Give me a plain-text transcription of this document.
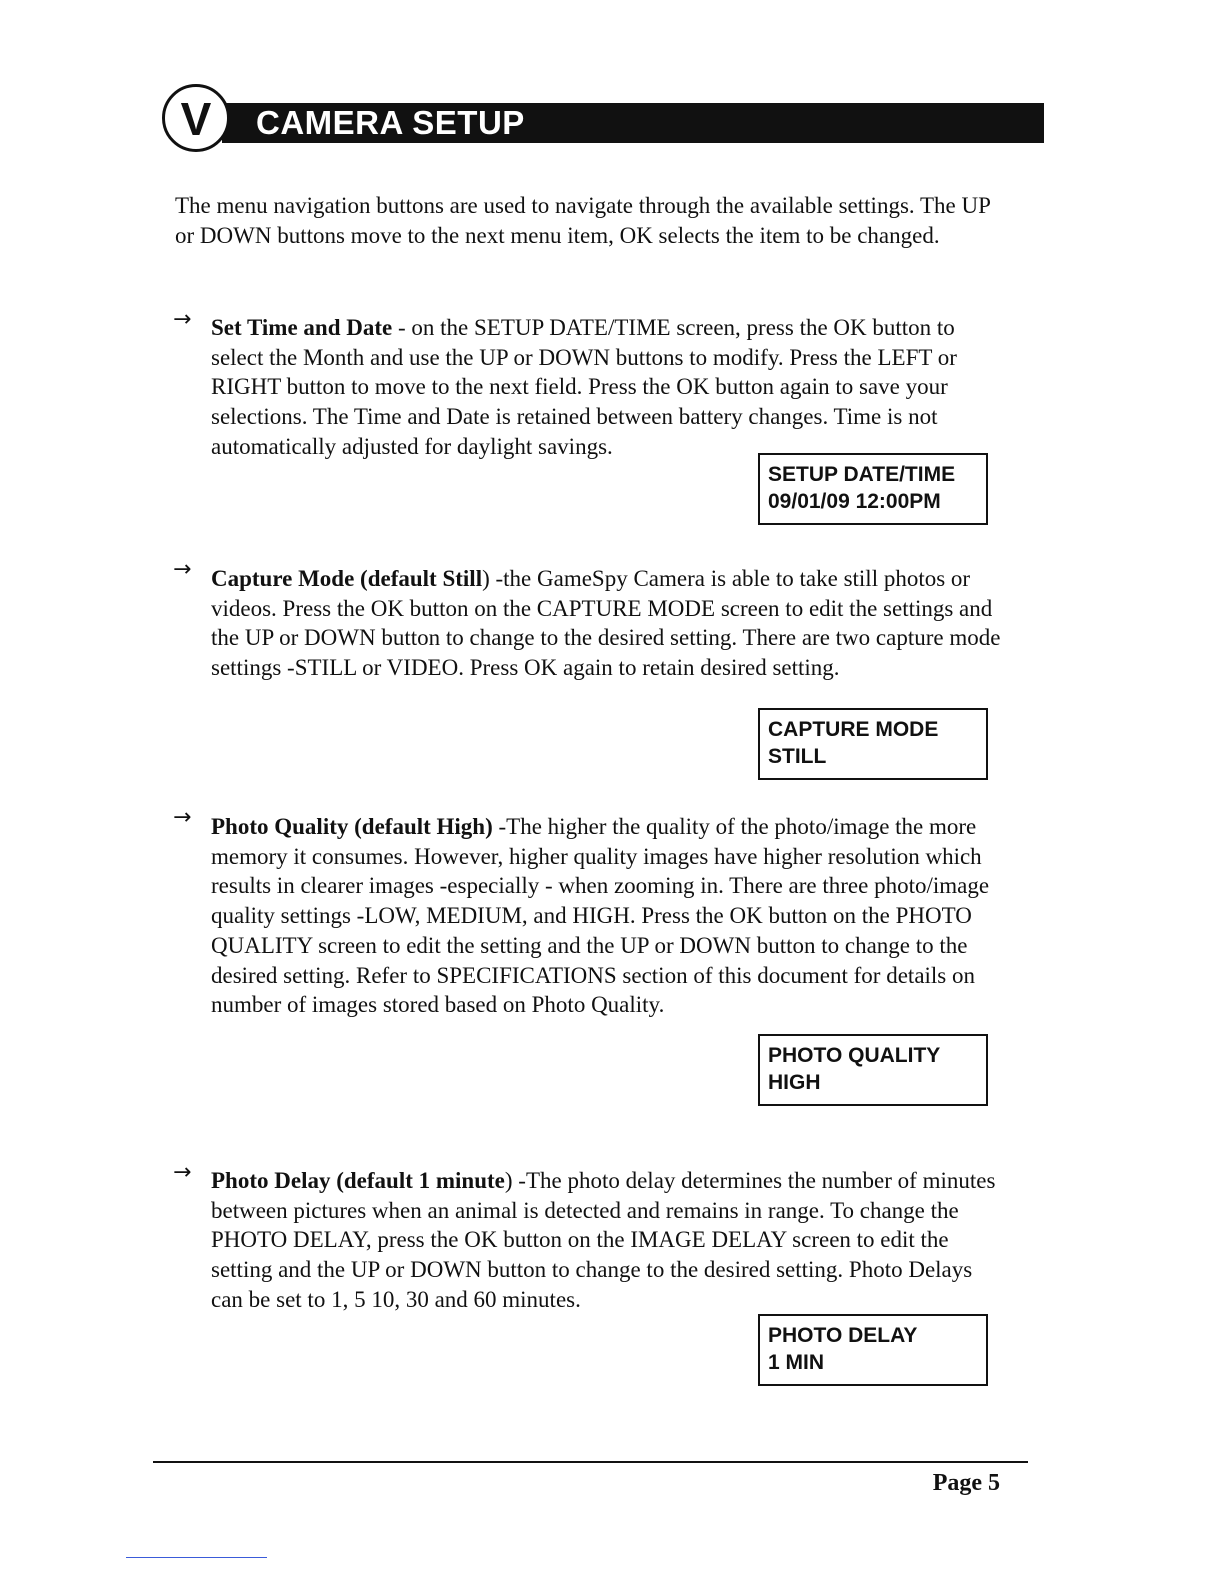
V	CAMERA SETUP

The menu navigation buttons are used to navigate through the available settings. The UP or DOWN buttons move to the next menu item, OK selects the item to be changed.

→ Set Time and Date - on the SETUP DATE/TIME screen, press the OK button to select the Month and use the UP or DOWN buttons to modify. Press the LEFT or RIGHT button to move to the next field. Press the OK button again to save your selections. The Time and Date is retained between battery changes. Time is not automatically adjusted for daylight savings.

SETUP DATE/TIME
09/01/09 12:00PM
→ Capture Mode (default Still) -the GameSpy Camera is able to take still photos or videos. Press the OK button on the CAPTURE MODE screen to edit the settings and the UP or DOWN button to change to the desired setting. There are two capture mode settings -STILL or VIDEO. Press OK again to retain desired setting.

CAPTURE MODE
STILL
→ Photo Quality (default High) -The higher the quality of the photo/image the more memory it consumes. However, higher quality images have higher resolution which results in clearer images -especially - when zooming in. There are three photo/image quality settings -LOW, MEDIUM, and HIGH. Press the OK button on the PHOTO QUALITY screen to edit the setting and the UP or DOWN button to change to the desired setting. Refer to SPECIFICATIONS section of this document for details on number of images stored based on Photo Quality.

PHOTO QUALITY
HIGH
→ Photo Delay (default 1 minute) -The photo delay determines the number of minutes between pictures when an animal is detected and remains in range. To change the PHOTO DELAY, press the OK button on the IMAGE DELAY screen to edit the setting and the UP or DOWN button to change to the desired setting. Photo Delays can be set to 1, 5 10, 30 and 60 minutes.

PHOTO DELAY
1 MIN
Page 5
